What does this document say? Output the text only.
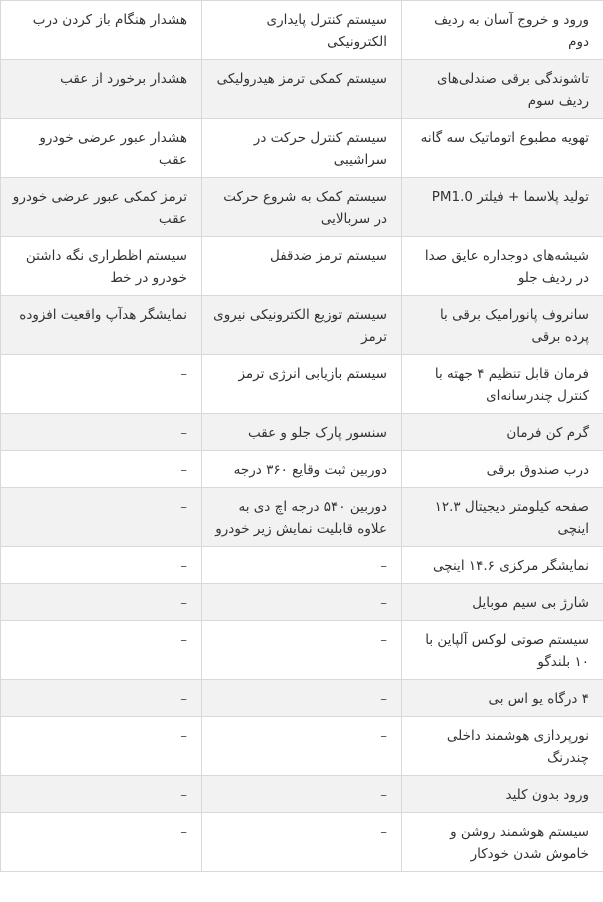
ورود و خروج آسان به ردیف دوم	سیستم کنترل پایداری الکترونیکی	هشدار هنگام باز کردن درب
تاشوندگی برقی صندلی‌های ردیف سوم	سیستم کمکی ترمز هیدرولیکی	هشدار برخورد از عقب
تهویه مطبوع اتوماتیک سه گانه	سیستم کنترل حرکت در سراشیبی	هشدار عبور عرضی خودرو عقب
تولید پلاسما + فیلتر PM1.0	سیستم کمک به شروع حرکت در سربالایی	ترمز کمکی عبور عرضی خودرو عقب
شیشه‌های دوجداره عایق صدا در ردیف جلو	سیستم ترمز ضدقفل	سیستم اظطراری نگه داشتن خودرو در خط
سانروف پانورامیک برقی با پرده برقی	سیستم توزیع الکترونیکی نیروی ترمز	نمایشگر هدآپ واقعیت افزوده
فرمان قابل تنظیم ۴ جهته با کنترل چندرسانه‌ای	سیستم بازیابی انرژی ترمز	–
گرم کن فرمان	سنسور پارک جلو و عقب	–
درب صندوق برقی	دوربین ثبت وقایع ۳۶۰ درجه	–
صفحه کیلومتر دیجیتال ۱۲.۳ اینچی	دوربین ۵۴۰ درجه اچ دی به علاوه قابلیت نمایش زیر خودرو	–
نمایشگر مرکزی ۱۴.۶ اینچی	–	–
شارژ بی سیم موبایل	–	–
سیستم صوتی لوکس آلپاین با ۱۰ بلندگو	–	–
۴ درگاه یو اس بی	–	–
نورپردازی هوشمند داخلی چندرنگ	–	–
ورود بدون کلید	–	–
سیستم هوشمند روشن و خاموش شدن خودکار	–	–
